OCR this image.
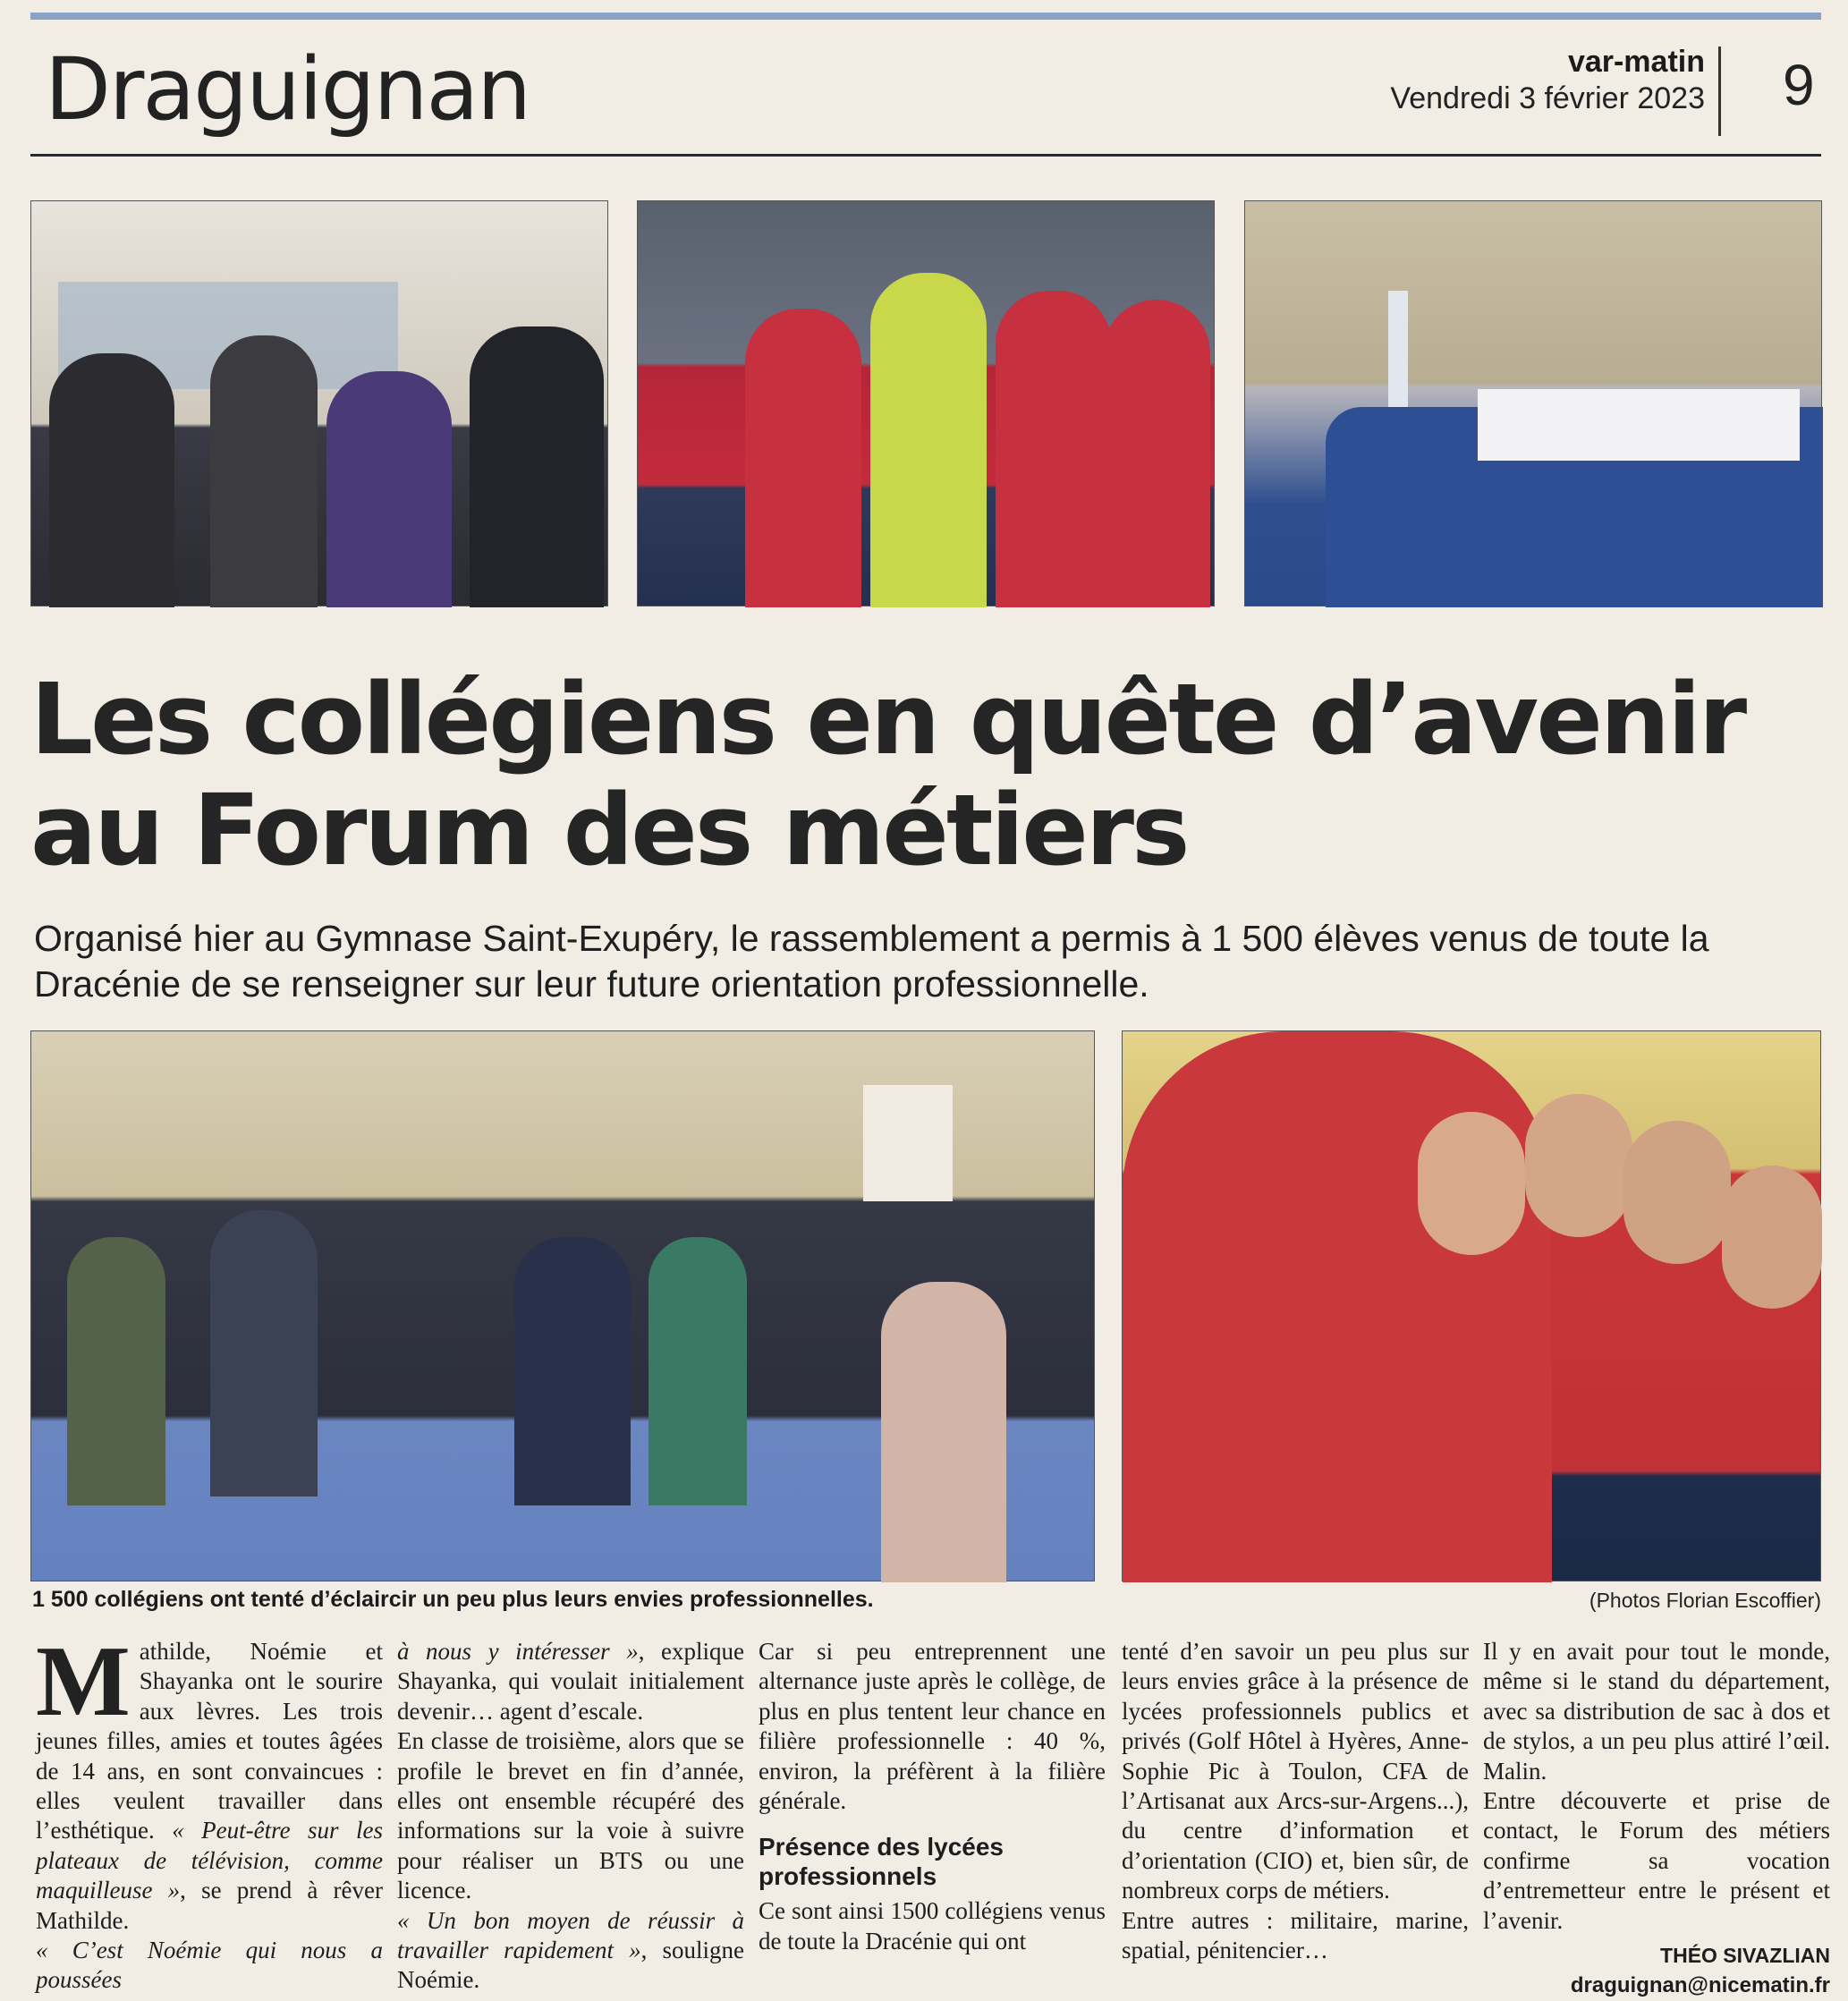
Draguignan	var-matin
Vendredi 3 février 2023 9
Les collégiens en quête d’avenir
au Forum des métiers
Organisé hier au Gymnase Saint-Exupéry, le rassemblement a permis à 1 500 élèves venus de toute la Dracénie de se renseigner sur leur future orientation professionnelle.
1 500 collégiens ont tenté d’éclaircir un peu plus leurs envies professionnelles.	(Photos Florian Escoffier)
Mathilde, Noémie et Shayanka ont le sourire aux lèvres. Les trois jeunes filles, amies et toutes âgées de 14 ans, en sont convaincues : elles veulent travailler dans l’esthétique. « Peut-être sur les plateaux de télévision, comme maquilleuse », se prend à rêver Mathilde.
« C’est Noémie qui nous a poussées
à nous y intéresser », explique Shayanka, qui voulait initialement devenir… agent d’escale.
En classe de troisième, alors que se profile le brevet en fin d’année, elles ont ensemble récupéré des informations sur la voie à suivre pour réaliser un BTS ou une licence.
« Un bon moyen de réussir à travailler rapidement », souligne Noémie.
Car si peu entreprennent une alternance juste après le collège, de plus en plus tentent leur chance en filière professionnelle : 40 %, environ, la préfèrent à la filière générale.
Présence des lycées professionnels
Ce sont ainsi 1500 collégiens venus de toute la Dracénie qui ont
tenté d’en savoir un peu plus sur leurs envies grâce à la présence de lycées professionnels publics et privés (Golf Hôtel à Hyères, Anne-Sophie Pic à Toulon, CFA de l’Artisanat aux Arcs-sur-Argens...), du centre d’information et d’orientation (CIO) et, bien sûr, de nombreux corps de métiers.
Entre autres : militaire, marine, spatial, pénitencier…
Il y en avait pour tout le monde, même si le stand du département, avec sa distribution de sac à dos et de stylos, a un peu plus attiré l’œil. Malin.
Entre découverte et prise de contact, le Forum des métiers confirme sa vocation d’entremetteur entre le présent et l’avenir.
THÉO SIVAZLIAN
draguignan@nicematin.fr
